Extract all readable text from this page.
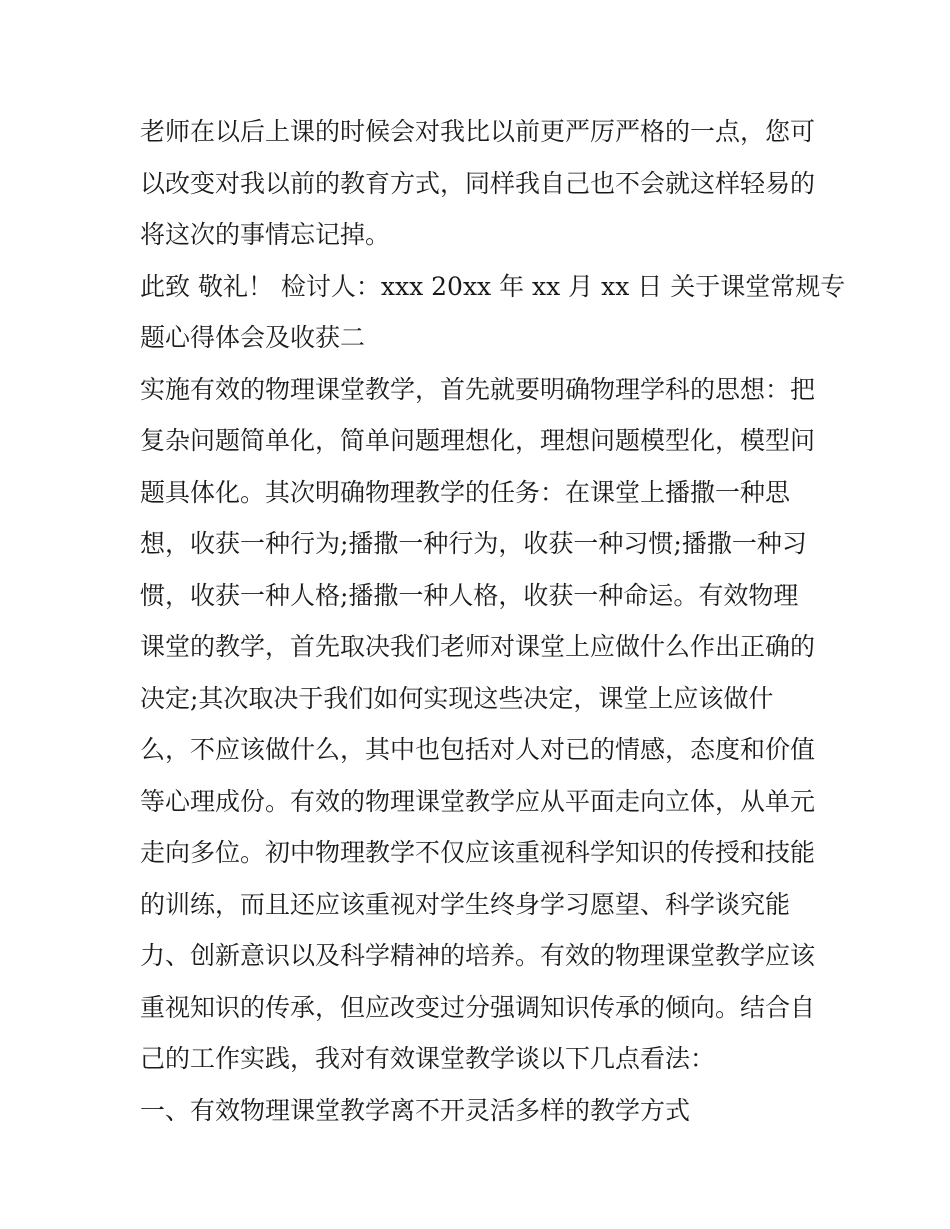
老师在以后上课的时候会对我比以前更严厉严格的一点，您可
以改变对我以前的教育方式，同样我自己也不会就这样轻易的
将这次的事情忘记掉。
此致 敬礼！ 检讨人：xxx 20xx 年 xx 月 xx 日 关于课堂常规专
题心得体会及收获二
实施有效的物理课堂教学，首先就要明确物理学科的思想：把
复杂问题简单化，简单问题理想化，理想问题模型化，模型问
题具体化。其次明确物理教学的任务：在课堂上播撒一种思
想，收获一种行为;播撒一种行为，收获一种习惯;播撒一种习
惯，收获一种人格;播撒一种人格，收获一种命运。有效物理
课堂的教学，首先取决我们老师对课堂上应做什么作出正确的
决定;其次取决于我们如何实现这些决定，课堂上应该做什
么，不应该做什么，其中也包括对人对已的情感，态度和价值
等心理成份。有效的物理课堂教学应从平面走向立体，从单元
走向多位。初中物理教学不仅应该重视科学知识的传授和技能
的训练，而且还应该重视对学生终身学习愿望、科学谈究能
力、创新意识以及科学精神的培养。有效的物理课堂教学应该
重视知识的传承，但应改变过分强调知识传承的倾向。结合自
己的工作实践，我对有效课堂教学谈以下几点看法：
一、有效物理课堂教学离不开灵活多样的教学方式
